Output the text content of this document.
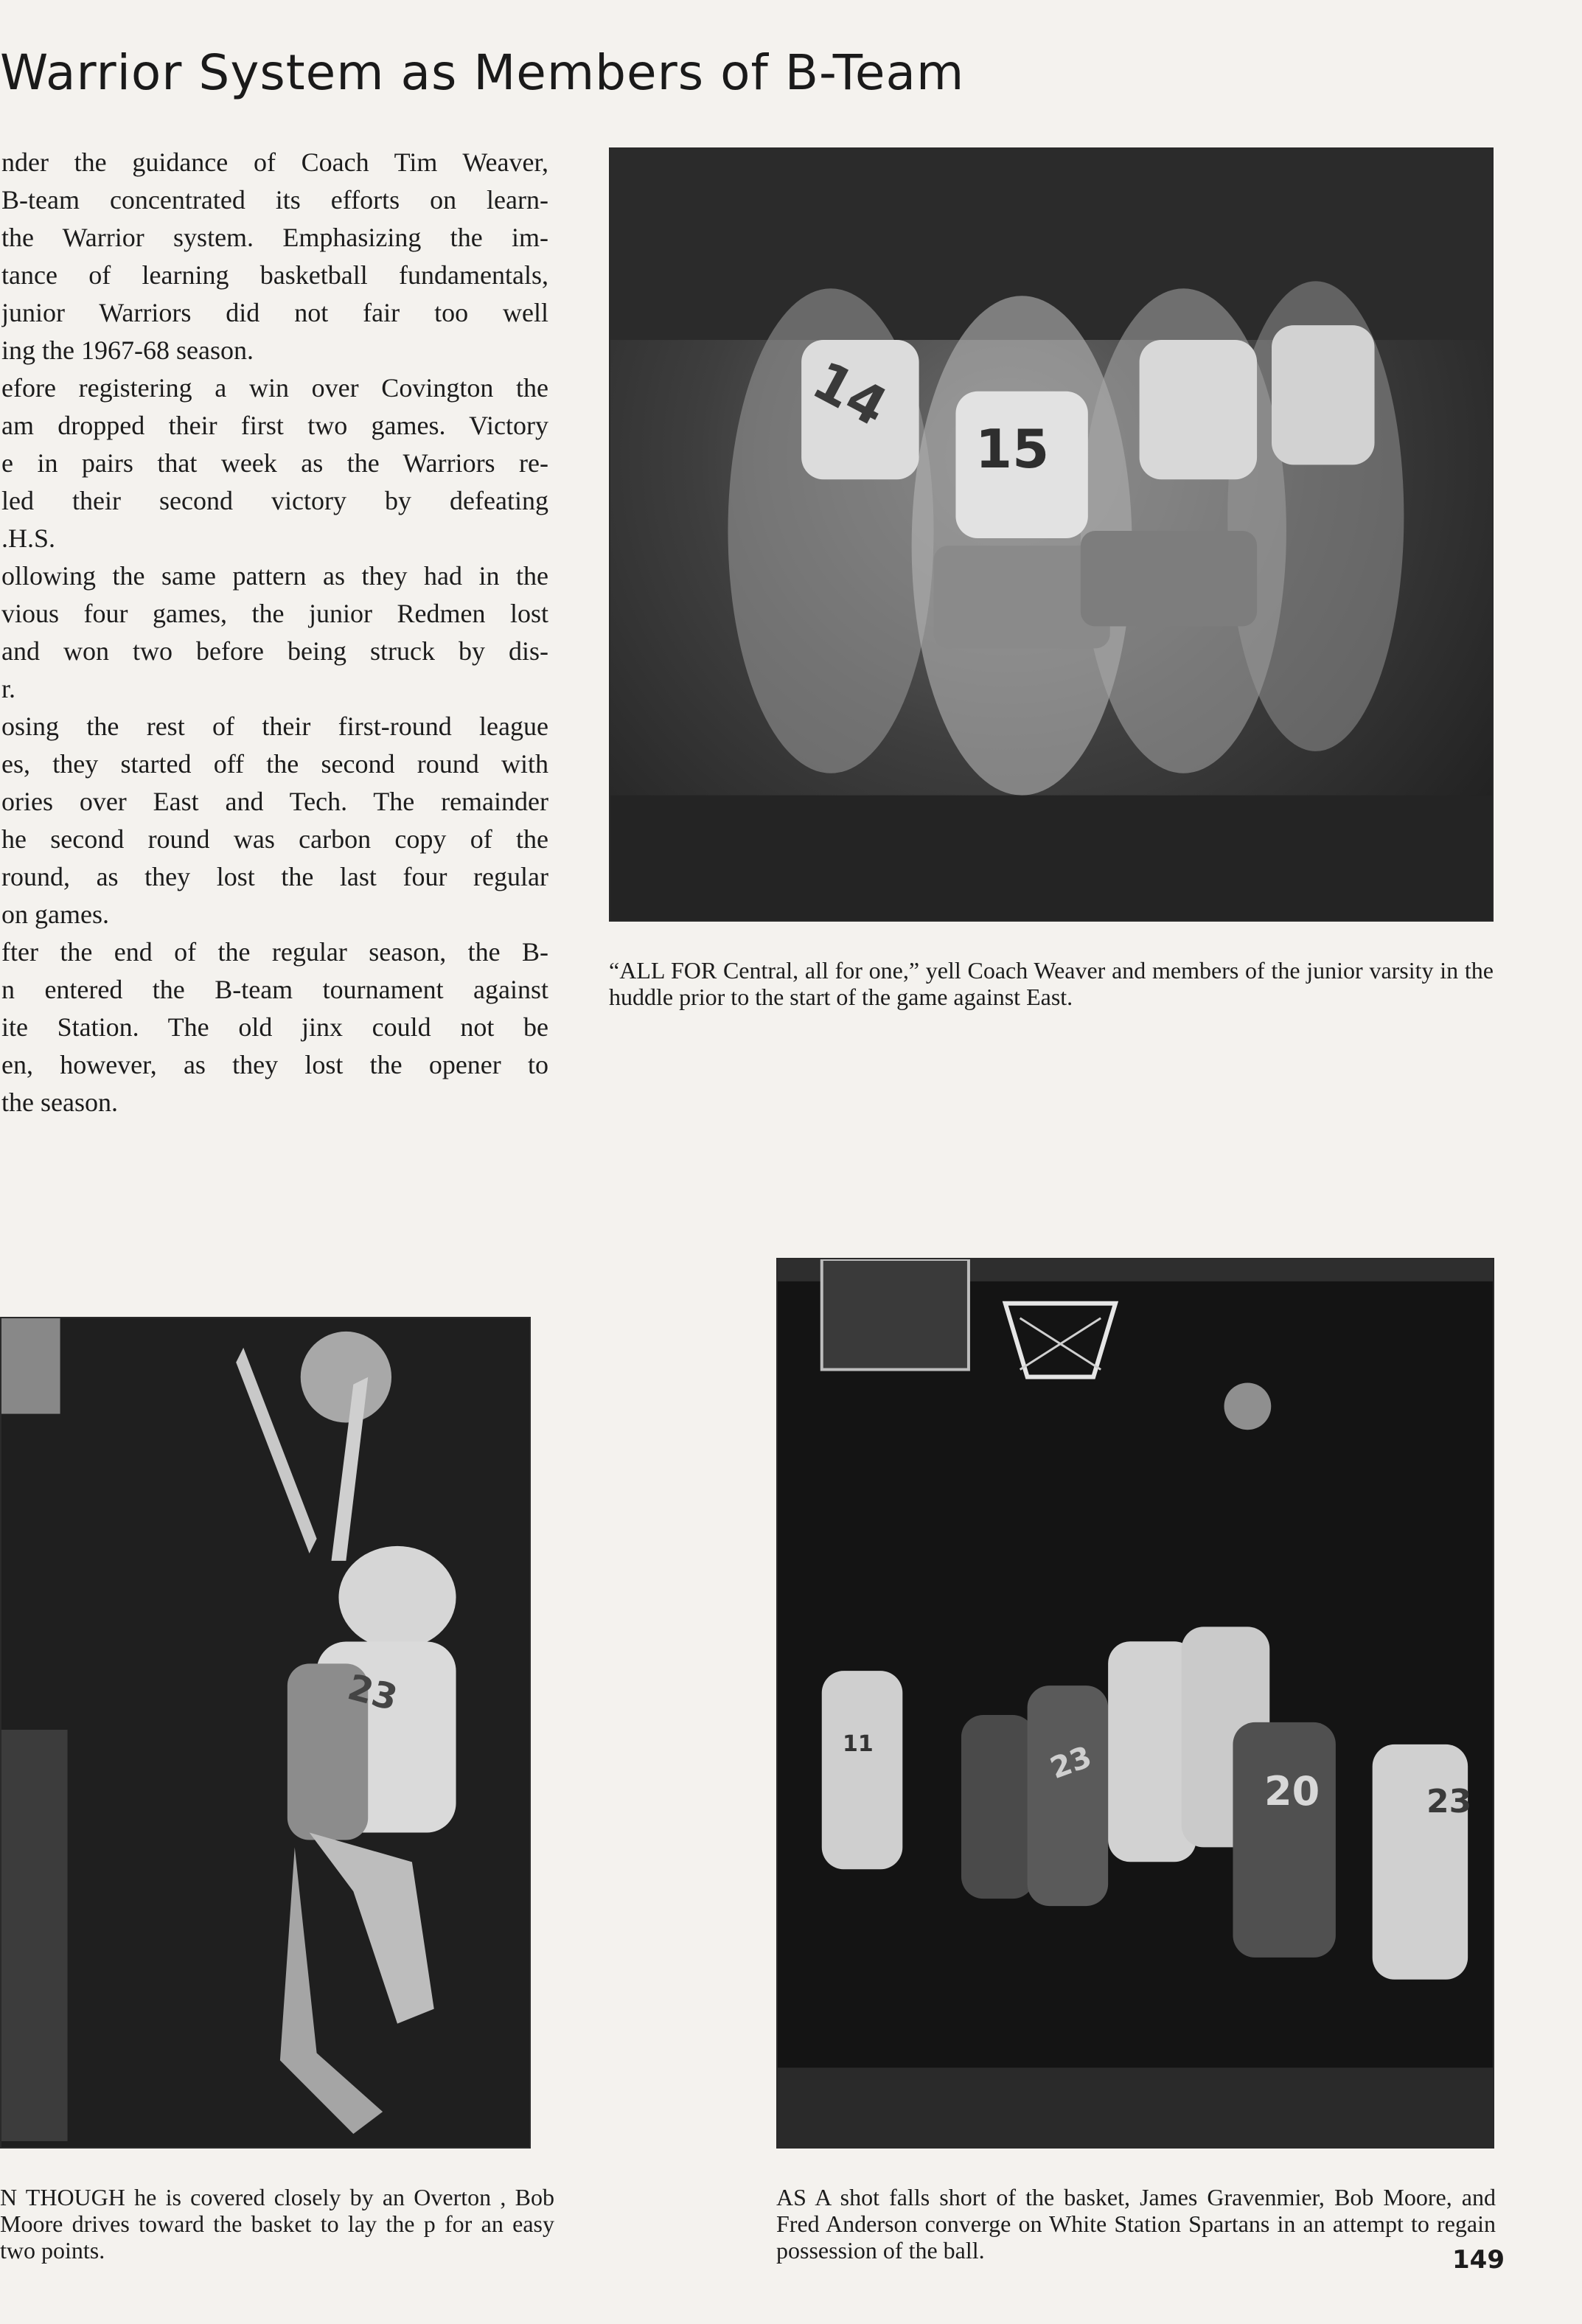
Warrior System as Members of B-Team
nder the guidance of Coach Tim Weaver,
B-team concentrated its efforts on learn-
the Warrior system. Emphasizing the im-
tance of learning basketball fundamentals,
junior Warriors did not fair too well
ing the 1967-68 season.
efore registering a win over Covington the
am dropped their first two games. Victory
e in pairs that week as the Warriors re-
led their second victory by defeating
.H.S.
ollowing the same pattern as they had in the
vious four games, the junior Redmen lost
and won two before being struck by dis-
r.
osing the rest of their first-round league
es, they started off the second round with
ories over East and Tech. The remainder
he second round was carbon copy of the
round, as they lost the last four regular
on games.
fter the end of the regular season, the B-
n entered the B-team tournament against
ite Station. The old jinx could not be
en, however, as they lost the opener to
the season.
14
15

“ALL FOR Central, all for one,” yell Coach Weaver and members of the junior varsity in the huddle prior to the start of the game against East.

23

N THOUGH he is covered closely by an Overton , Bob Moore drives toward the basket to lay the p for an easy two points.

11	23
20	23

AS A shot falls short of the basket, James Gravenmier, Bob Moore, and Fred Anderson converge on White Station Spartans in an attempt to regain possession of the ball.	149
